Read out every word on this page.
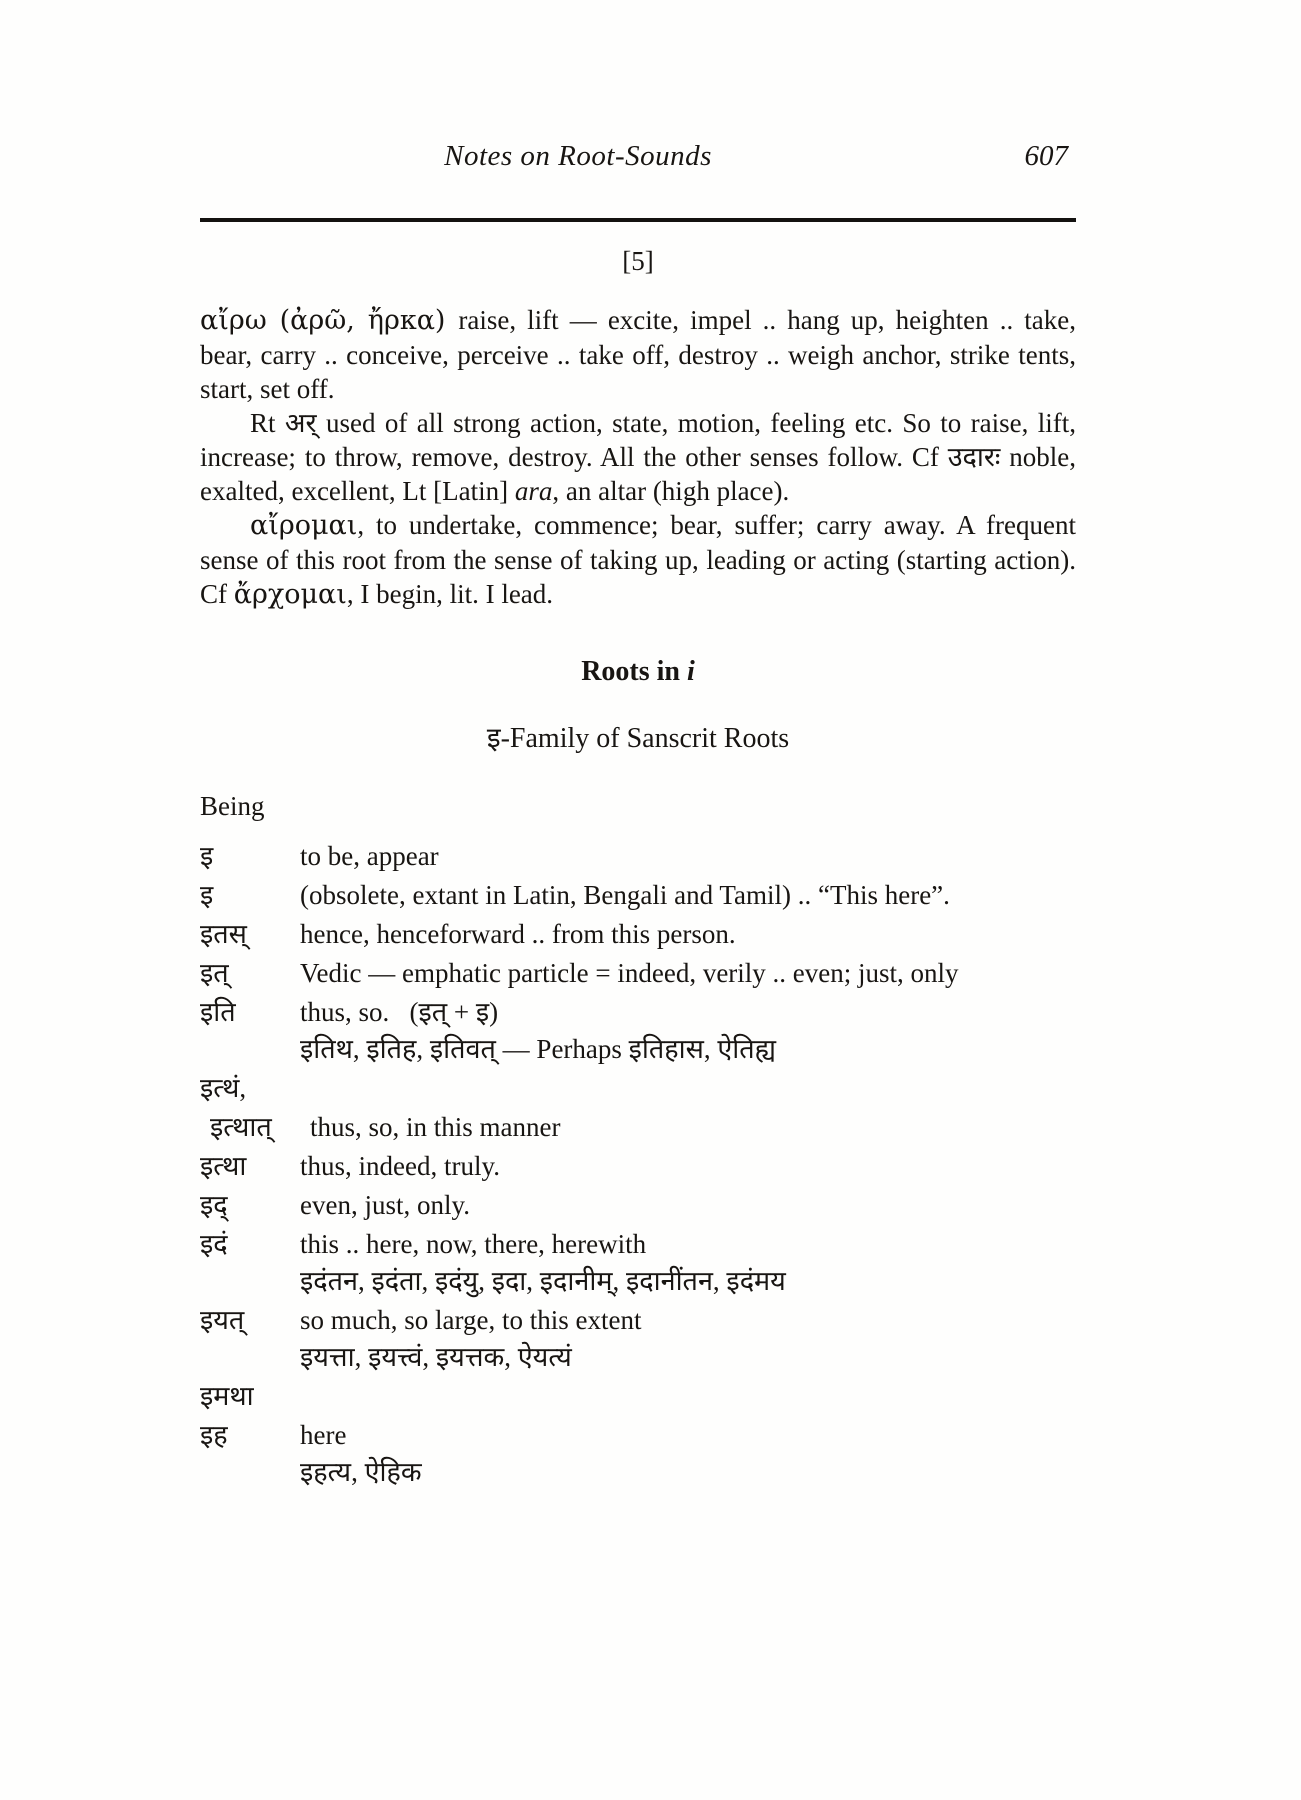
Notes on Root-Sounds	607
[5]

αἴρω (ἀρῶ, ἤρκα) raise, lift — excite, impel .. hang up, heighten .. take, bear, carry .. conceive, perceive .. take off, destroy .. weigh anchor, strike tents, start, set off.

Rt अर् used of all strong action, state, motion, feeling etc. So to raise, lift, increase; to throw, remove, destroy. All the other senses follow. Cf उदारः noble, exalted, excellent, Lt [Latin] ara, an altar (high place).

αἴρομαι, to undertake, commence; bear, suffer; carry away. A frequent sense of this root from the sense of taking up, leading or acting (starting action). Cf ἄρχομαι, I begin, lit. I lead.

Roots in i
इ-Family of Sanscrit Roots
Being
इ	to be, appear
इ	(obsolete, extant in Latin, Bengali and Tamil) .. “This here”.
इतस्	hence, henceforward .. from this person.
इत्	Vedic — emphatic particle = indeed, verily .. even; just, only
इति	thus, so.   (इत् + इ)
इतिथ, इतिह, इतिवत् — Perhaps इतिहास, ऐतिह्य
इत्थं,
इत्थात्	thus, so, in this manner
इत्था	thus, indeed, truly.
इद्	even, just, only.
इदं	this .. here, now, there, herewith
इदंतन, इदंता, इदंयु, इदा, इदानीम्, इदानींतन, इदंमय
इयत्	so much, so large, to this extent
इयत्ता, इयत्त्वं, इयत्तक, ऐयत्यं
इमथा
इह	here
इहत्य, ऐहिक
